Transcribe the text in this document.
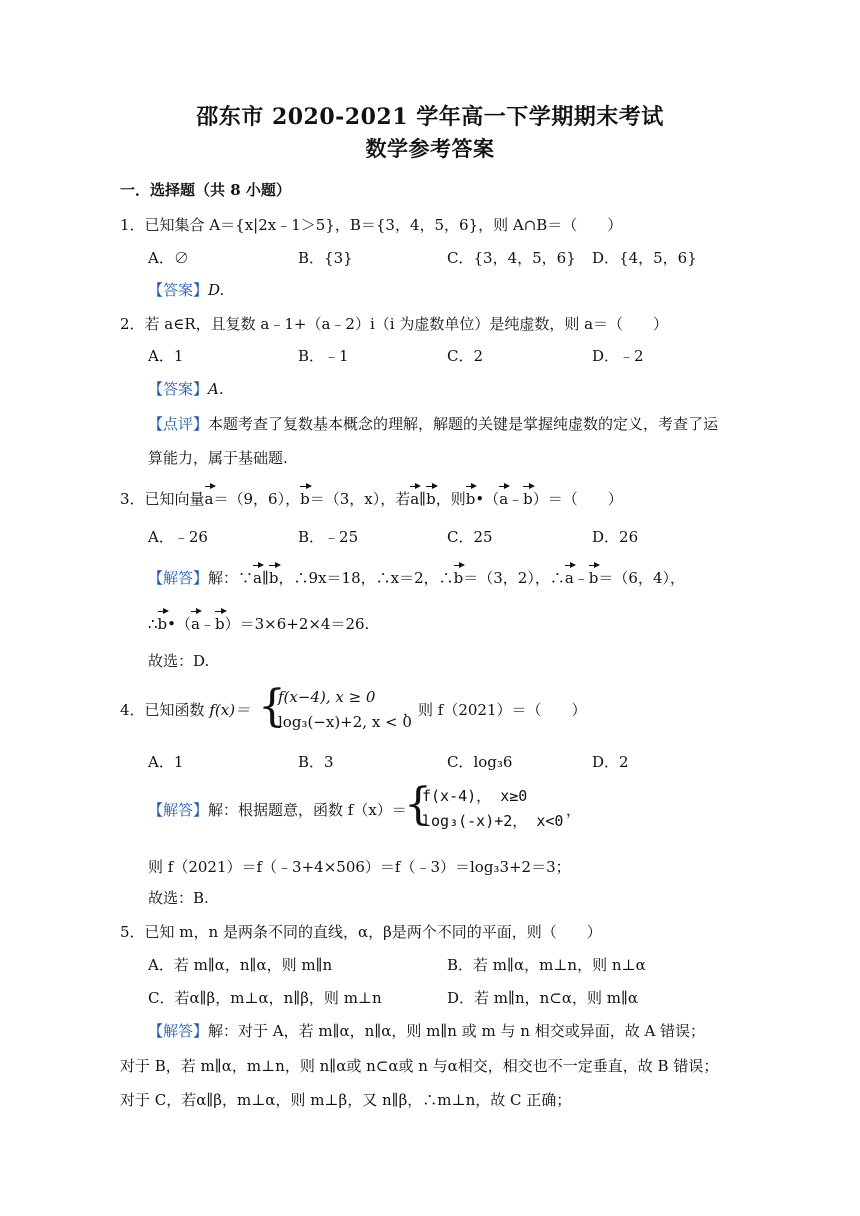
邵东市 2020-2021 学年高一下学期期末考试
数学参考答案
一．选择题（共 8 小题）
1．已知集合 A＝{x|2x﹣1＞5}，B＝{3，4，5，6}，则 A∩B＝（　　）
A．∅	B．{3}	C．{3，4，5，6} D．{4，5，6}
【答案】D.
2．若 a∈R，且复数 a﹣1+（a﹣2）i（i 为虚数单位）是纯虚数，则 a＝（　　）
A．1	B．﹣1	C．2	D．﹣2
【答案】A.
【点评】本题考查了复数基本概念的理解，解题的关键是掌握纯虚数的定义，考查了运
算能力，属于基础题.
3．已知向量a＝（9，6），b＝（3，x），若a∥b，则b•（a﹣b）＝（　　）
A．﹣26	B．﹣25	C．25	D．26
【解答】解：∵a∥b，∴9x＝18，∴x＝2，∴b＝（3，2），∴a﹣b＝（6，4），
∴b•（a﹣b）＝3×6+2×4＝26.
故选：D.
4．已知函数 f(x)＝ {
f(x−4), x ≥ 0
log₃(−x)+2, x < 0
，则 f（2021）＝（　　）
A．1	B．3	C．log₃6	D．2
【解答】解：根据题意，函数 f（x）＝
{
f(x-4)， x≥0
log₃(-x)+2， x<0
，
则 f（2021）＝f（﹣3+4×506）＝f（﹣3）＝log₃3+2＝3；
故选：B.
5．已知 m，n 是两条不同的直线，α，β是两个不同的平面，则（　　）
A．若 m∥α，n∥α，则 m∥n	B．若 m∥α，m⊥n，则 n⊥α
C．若α∥β，m⊥α，n∥β，则 m⊥n	D．若 m∥n，n⊂α，则 m∥α
【解答】解：对于 A，若 m∥α，n∥α，则 m∥n 或 m 与 n 相交或异面，故 A 错误；
对于 B，若 m∥α，m⊥n，则 n∥α或 n⊂α或 n 与α相交，相交也不一定垂直，故 B 错误；
对于 C，若α∥β，m⊥α，则 m⊥β，又 n∥β，∴m⊥n，故 C 正确；
